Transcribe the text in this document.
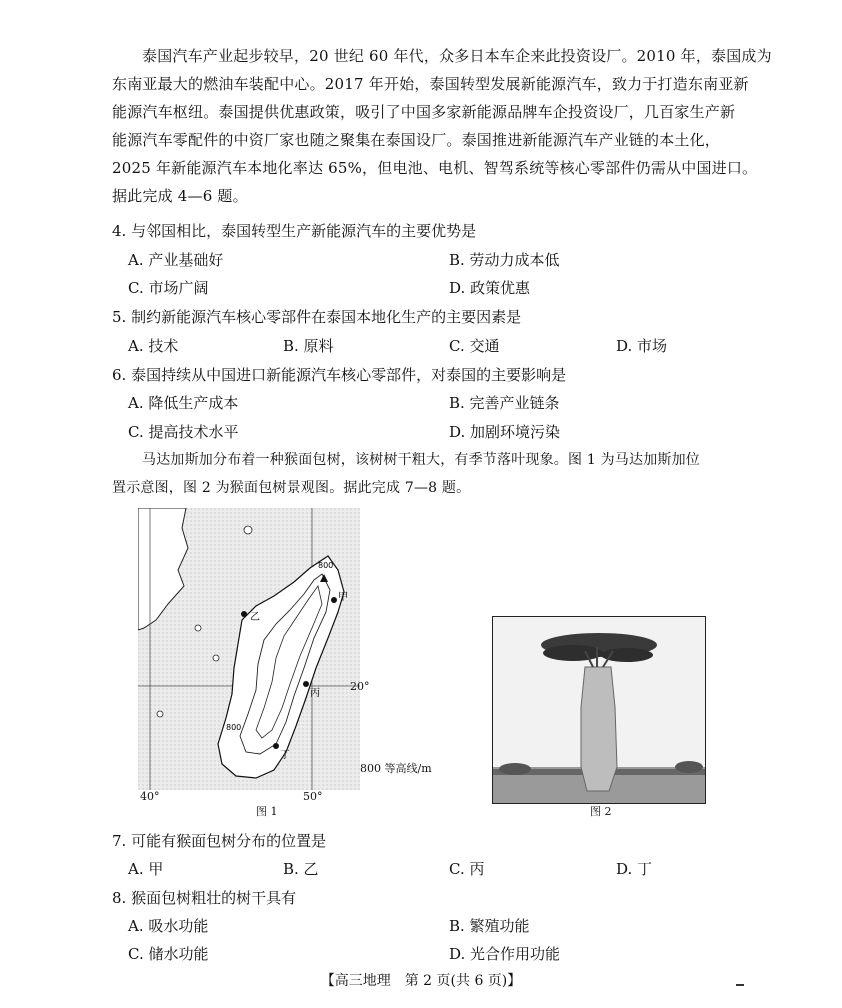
泰国汽车产业起步较早，20 世纪 60 年代，众多日本车企来此投资设厂。2010 年，泰国成为
东南亚最大的燃油车装配中心。2017 年开始，泰国转型发展新能源汽车，致力于打造东南亚新
能源汽车枢纽。泰国提供优惠政策，吸引了中国多家新能源品牌车企投资设厂，几百家生产新
能源汽车零配件的中资厂家也随之聚集在泰国设厂。泰国推进新能源汽车产业链的本土化，
2025 年新能源汽车本地化率达 65%，但电池、电机、智驾系统等核心零部件仍需从中国进口。
据此完成 4—6 题。
4. 与邻国相比，泰国转型生产新能源汽车的主要优势是
A. 产业基础好	B. 劳动力成本低
C. 市场广阔	D. 政策优惠
5. 制约新能源汽车核心零部件在泰国本地化生产的主要因素是
A. 技术	B. 原料	C. 交通	D. 市场
6. 泰国持续从中国进口新能源汽车核心零部件，对泰国的主要影响是
A. 降低生产成本	B. 完善产业链条
C. 提高技术水平	D. 加剧环境污染
马达加斯加分布着一种猴面包树，该树树干粗大，有季节落叶现象。图 1 为马达加斯加位
置示意图，图 2 为猴面包树景观图。据此完成 7—8 题。
甲
乙
丙
丁
800
800
40°	50°
20°
800 等高线/m
图 1	图 2
7. 可能有猴面包树分布的位置是
A. 甲	B. 乙	C. 丙	D. 丁
8. 猴面包树粗壮的树干具有
A. 吸水功能	B. 繁殖功能
C. 储水功能	D. 光合作用功能
【高三地理　第 2 页(共 6 页)】
